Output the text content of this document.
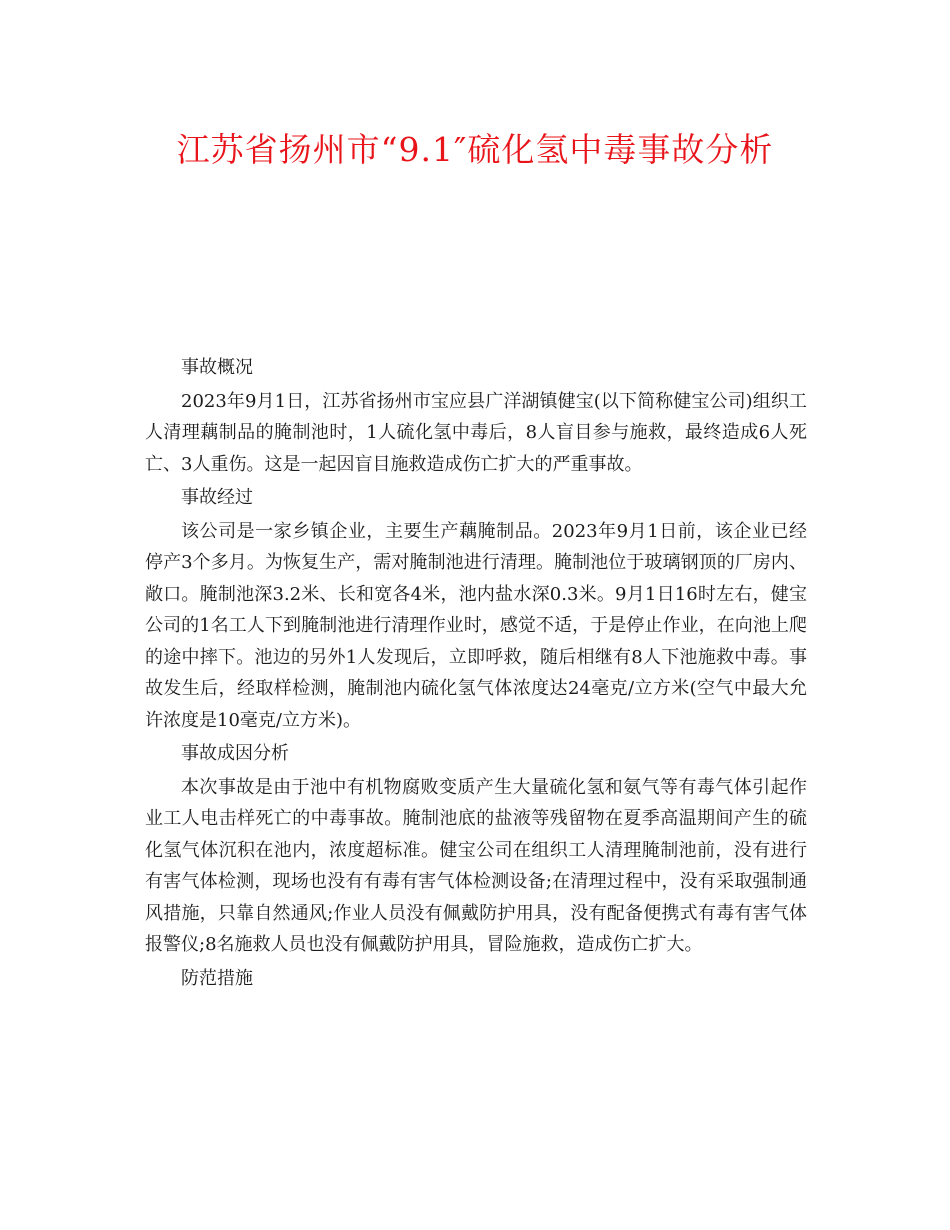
江苏省扬州市“9.1″硫化氢中毒事故分析

事故概况

2023年9月1日，江苏省扬州市宝应县广洋湖镇健宝(以下简称健宝公司)组织工人清理藕制品的腌制池时，1人硫化氢中毒后，8人盲目参与施救，最终造成6人死亡、3人重伤。这是一起因盲目施救造成伤亡扩大的严重事故。

事故经过

该公司是一家乡镇企业，主要生产藕腌制品。2023年9月1日前，该企业已经停产3个多月。为恢复生产，需对腌制池进行清理。腌制池位于玻璃钢顶的厂房内、敞口。腌制池深3.2米、长和宽各4米，池内盐水深0.3米。9月1日16时左右，健宝公司的1名工人下到腌制池进行清理作业时，感觉不适，于是停止作业，在向池上爬的途中摔下。池边的另外1人发现后，立即呼救，随后相继有8人下池施救中毒。事故发生后，经取样检测，腌制池内硫化氢气体浓度达24毫克/立方米(空气中最大允许浓度是10毫克/立方米)。

事故成因分析

本次事故是由于池中有机物腐败变质产生大量硫化氢和氨气等有毒气体引起作业工人电击样死亡的中毒事故。腌制池底的盐液等残留物在夏季高温期间产生的硫化氢气体沉积在池内，浓度超标准。健宝公司在组织工人清理腌制池前，没有进行有害气体检测，现场也没有有毒有害气体检测设备;在清理过程中，没有采取强制通风措施，只靠自然通风;作业人员没有佩戴防护用具，没有配备便携式有毒有害气体报警仪;8名施救人员也没有佩戴防护用具，冒险施救，造成伤亡扩大。

防范措施
